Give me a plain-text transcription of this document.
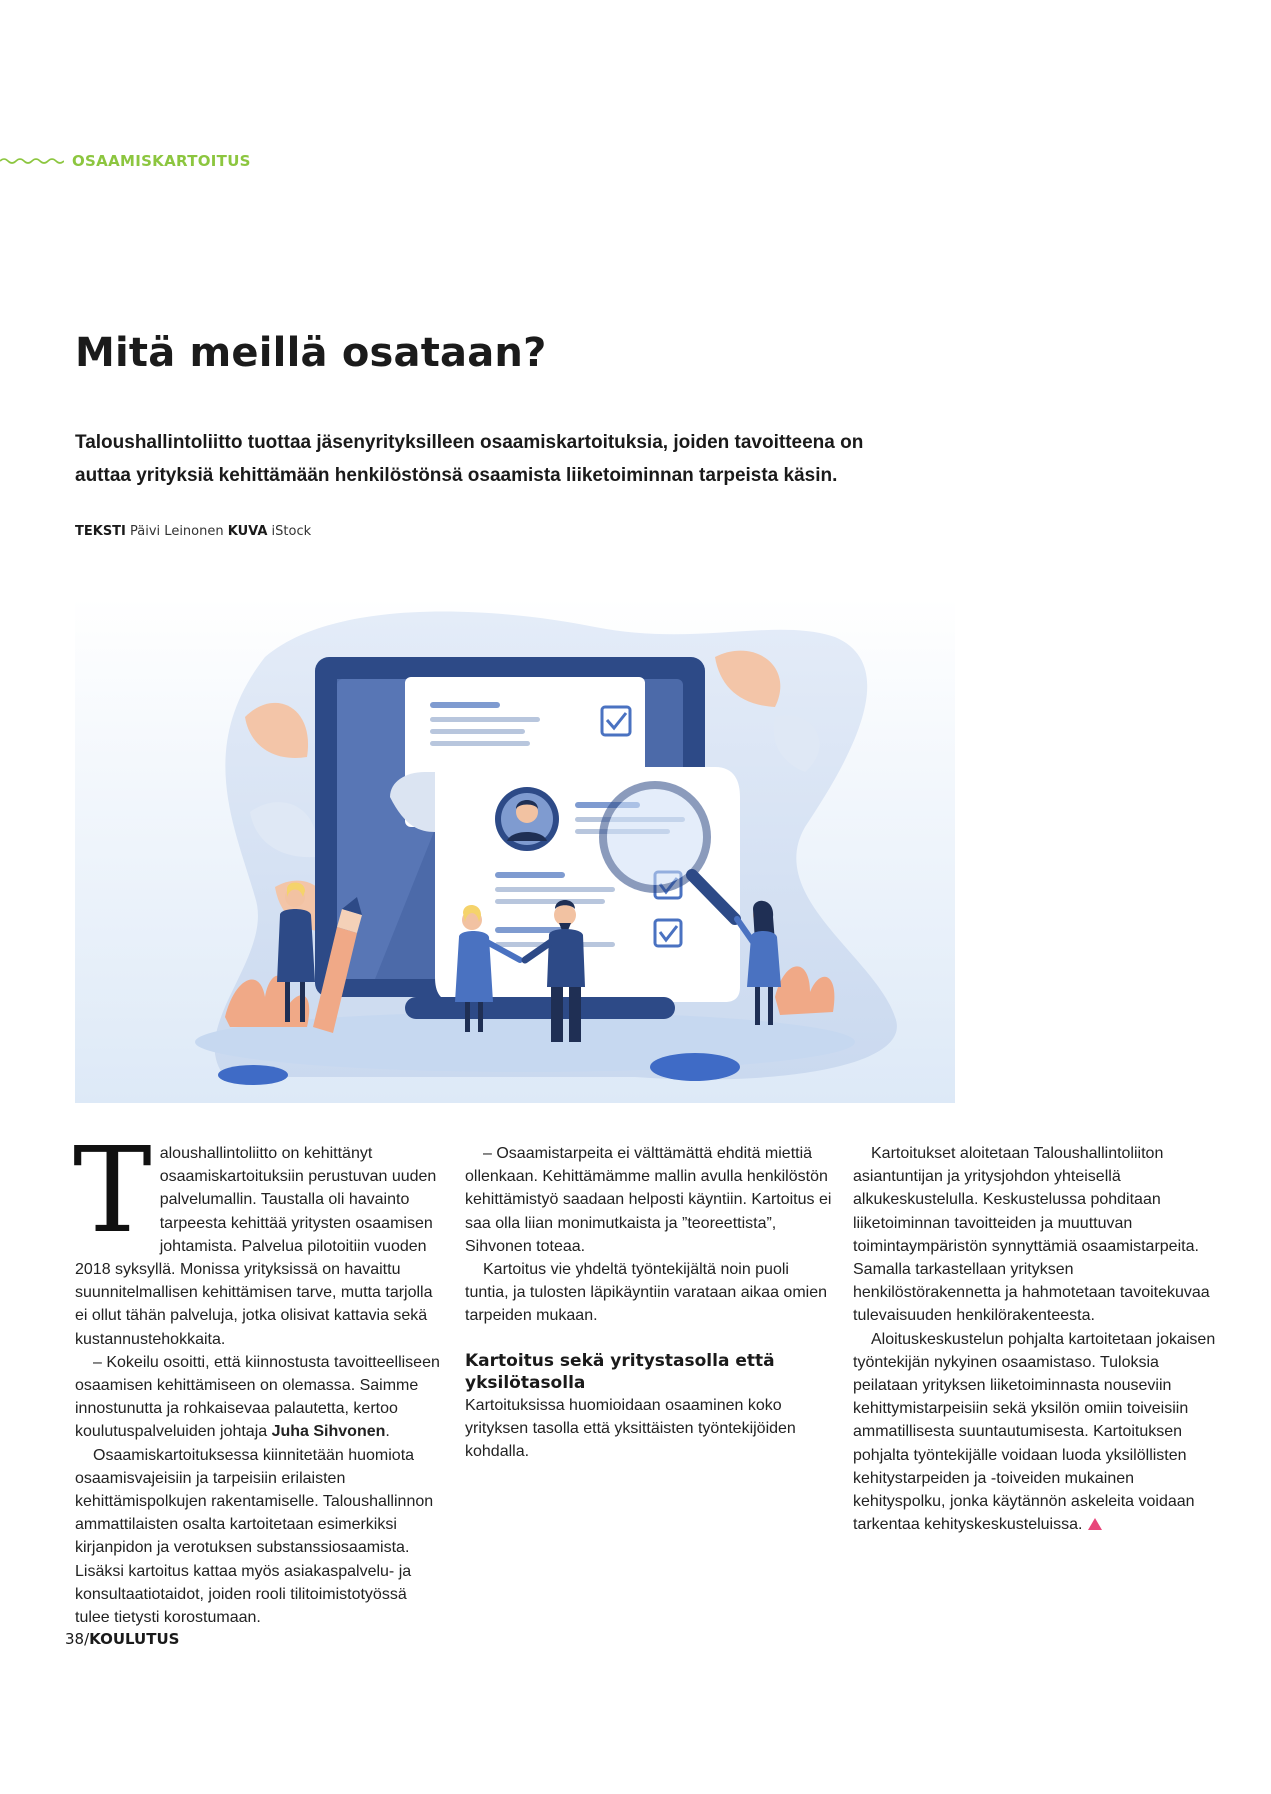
OSAAMISKARTOITUS
Mitä meillä osataan?

Taloushallintoliitto tuottaa jäsenyrityksilleen osaamiskartoituksia, joiden tavoitteena on
auttaa yrityksiä kehittämään henkilöstönsä osaamista liiketoiminnan tarpeista käsin.

TEKSTI Päivi Leinonen KUVA iStock

Taloushallintoliitto on kehittänyt osaamiskartoituksiin perustuvan uuden palvelumallin. Taustalla oli havainto tarpeesta kehittää yritysten osaamisen johtamista. Palvelua pilotoitiin vuoden 2018 syksyllä. Monissa yrityksissä on havaittu suunnitelmallisen kehittämisen tarve, mutta tarjolla ei ollut tähän palveluja, jotka olisivat kattavia sekä kustannustehokkaita.

– Kokeilu osoitti, että kiinnostusta tavoitteelliseen osaamisen kehittämiseen on olemassa. Saimme innostunutta ja rohkaisevaa palautetta, kertoo koulutuspalveluiden johtaja Juha Sihvonen.

Osaamiskartoituksessa kiinnitetään huomiota osaamisvajeisiin ja tarpeisiin erilaisten kehittämispolkujen rakentamiselle. Taloushallinnon ammattilaisten osalta kartoitetaan esimerkiksi kirjanpidon ja verotuksen substanssiosaamista. Lisäksi kartoitus kattaa myös asiakaspalvelu- ja konsultaatiotaidot, joiden rooli tilitoimistotyössä tulee tietysti korostumaan.

Kartoitukset aloitetaan Taloushallintoliiton asiantuntijan ja yritysjohdon yhteisellä alkukeskustelulla. Keskustelussa pohditaan liiketoiminnan tavoitteiden ja muuttuvan toimintaympäristön synnyttämiä osaamistarpeita. Samalla tarkastellaan yrityksen henkilöstörakennetta ja hahmotetaan tavoitekuvaa tulevaisuuden henkilörakenteesta.

Aloituskeskustelun pohjalta kartoitetaan jokaisen työntekijän nykyinen osaamistaso. Tuloksia peilataan yrityksen liiketoiminnasta nouseviin kehittymistarpeisiin sekä yksilön omiin toiveisiin ammatillisesta suuntautumisesta. Kartoituksen pohjalta työntekijälle voidaan luoda yksilöllisten kehitystarpeiden ja -toiveiden mukainen kehityspolku, jonka käytännön askeleita voidaan tarkentaa kehityskeskusteluissa.

– Osaamistarpeita ei välttämättä ehditä miettiä ollenkaan. Kehittämämme mallin avulla henkilöstön kehittämistyö saadaan helposti käyntiin. Kartoitus ei saa olla liian monimutkaista ja ”teoreettista”, Sihvonen toteaa.

Kartoitus vie yhdeltä työntekijältä noin puoli tuntia, ja tulosten läpikäyntiin varataan aikaa omien tarpeiden mukaan.

Kartoitus sekä yritystasolla että yksilötasolla

Kartoituksissa huomioidaan osaaminen koko yrityksen tasolla että yksittäisten työntekijöiden kohdalla.

38/KOULUTUS
